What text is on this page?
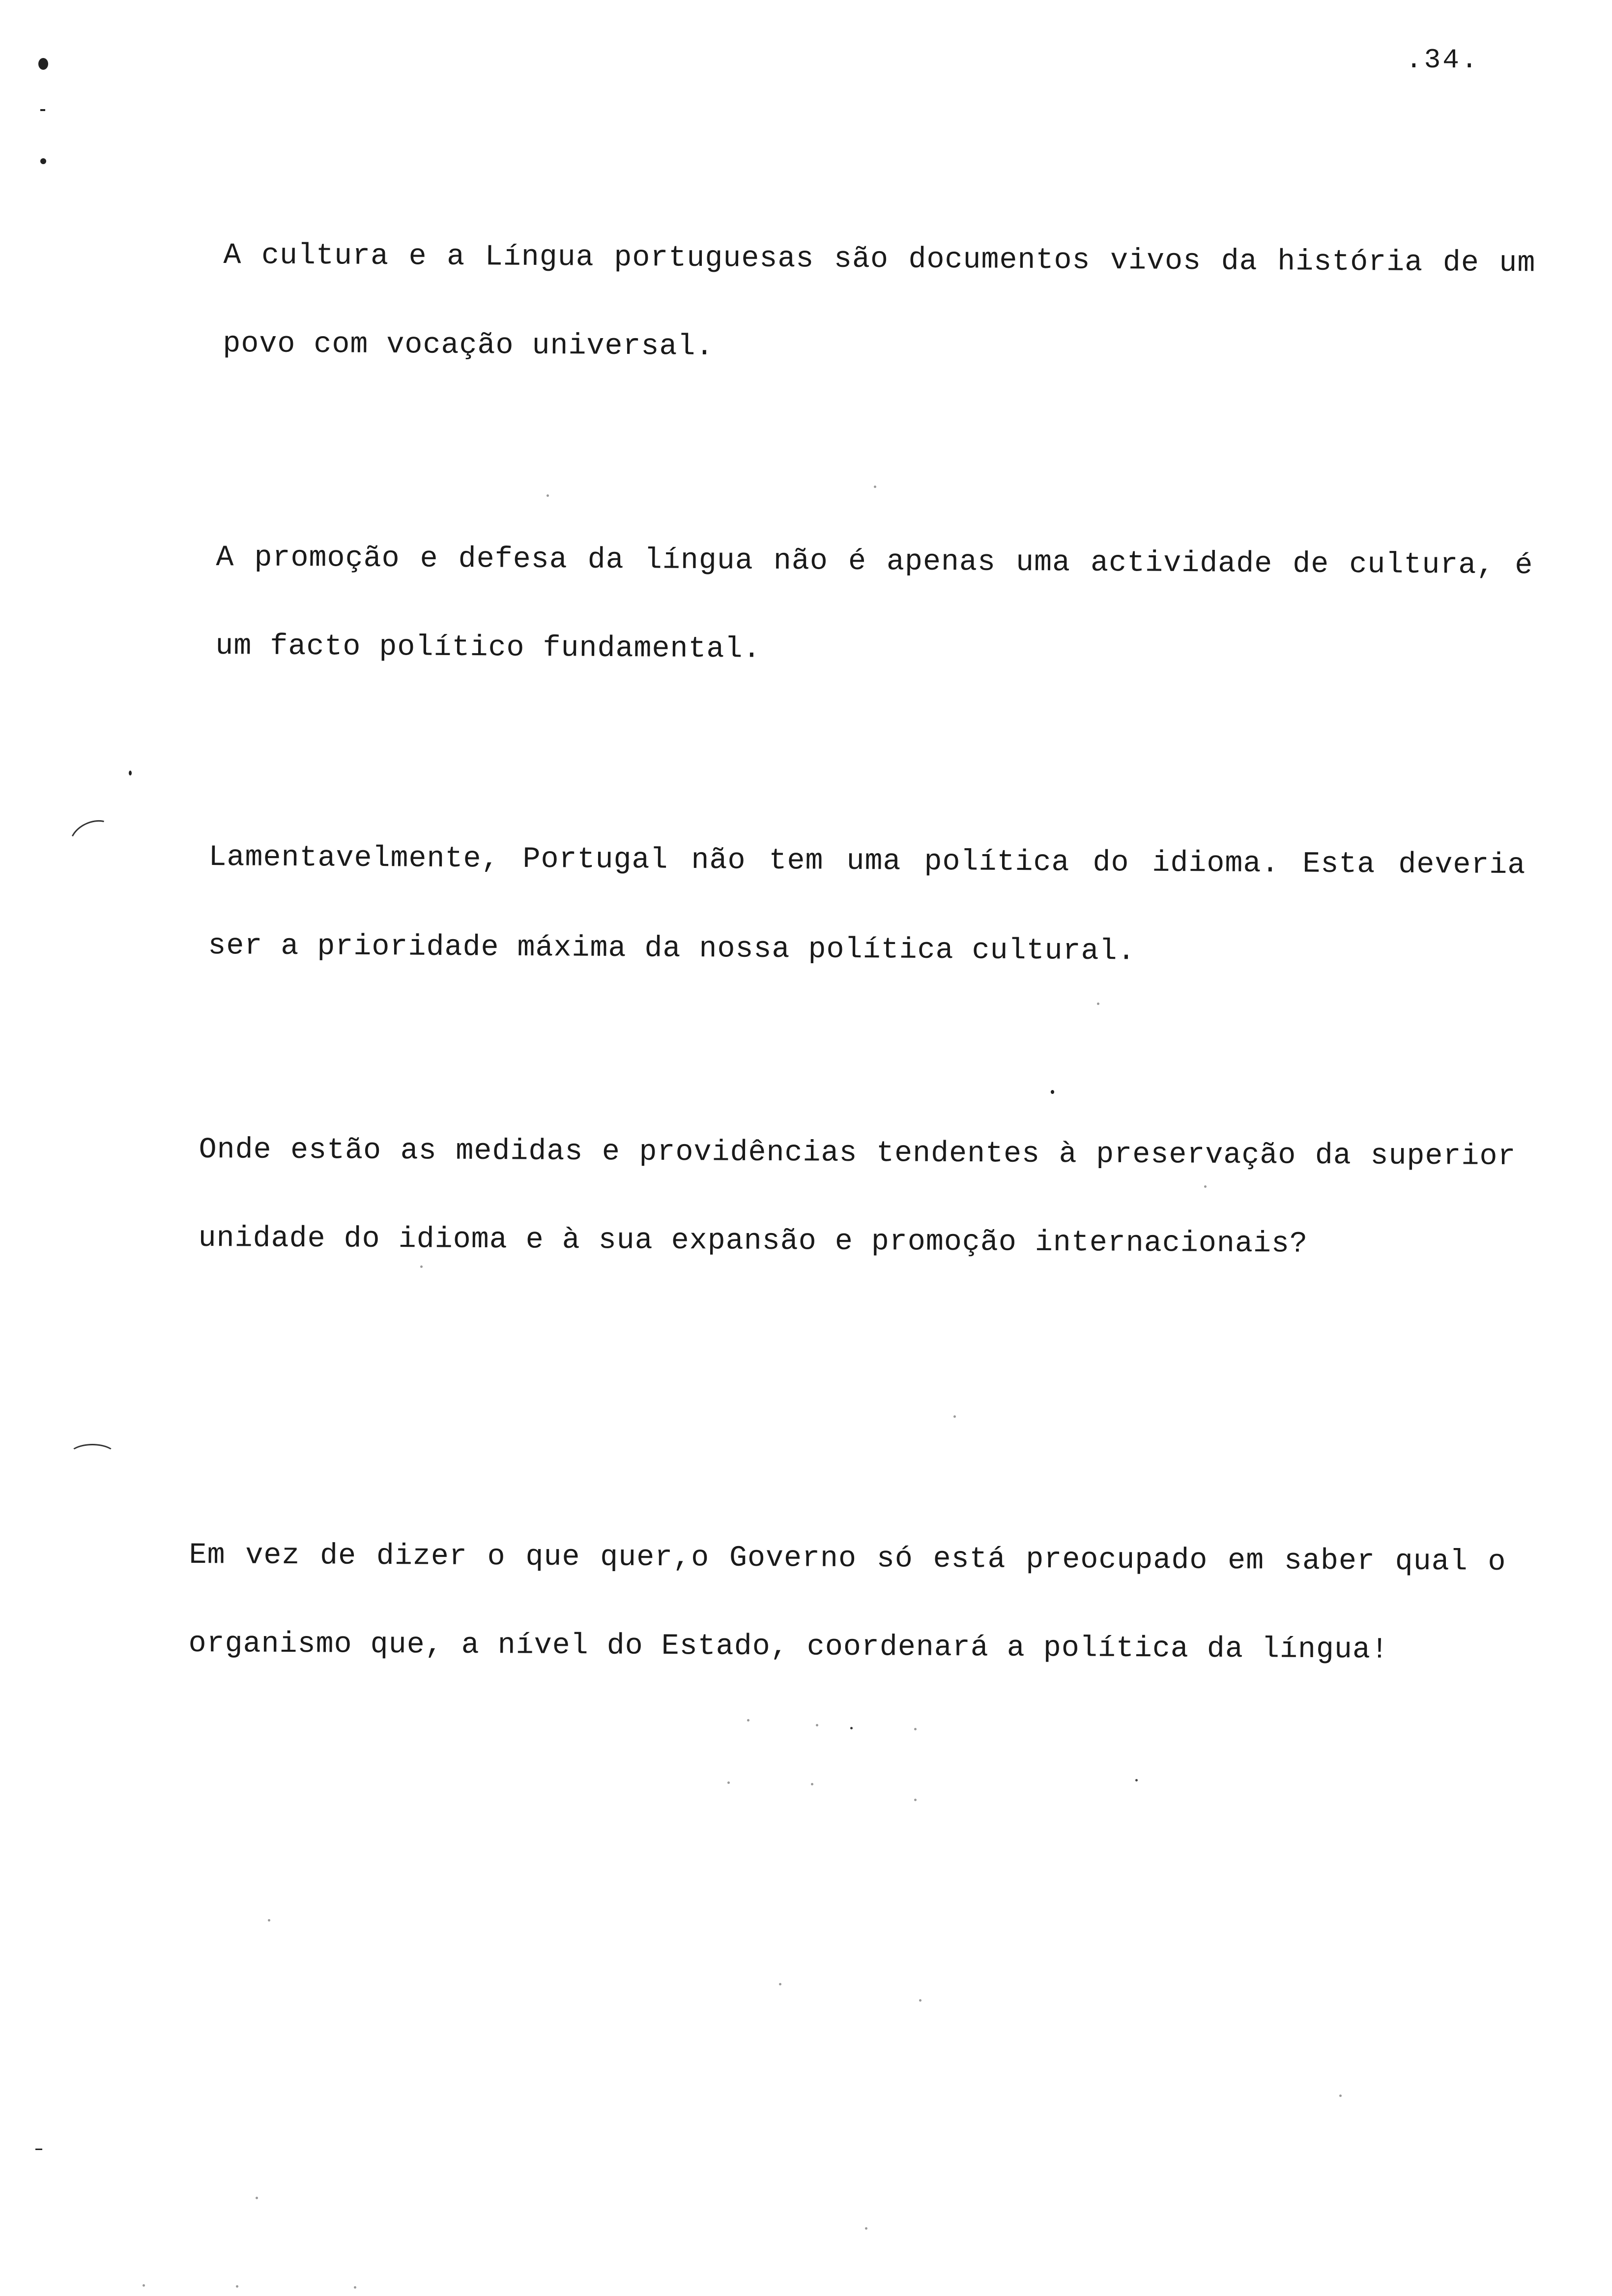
.34.

A cultura e a Língua portuguesas são documentos vivos da história de um povo com vocação universal.

A promoção e defesa da língua não é apenas uma actividade de cultura, é um facto político fundamental.

Lamentavelmente, Portugal não tem uma política do idioma. Esta deveria ser a prioridade máxima da nossa política cultural.

Onde estão as medidas e providências tendentes à preservação da superior unidade do idioma e à sua expansão e promoção internacionais?

Em vez de dizer o que quer,o Governo só está preocupado em saber qual o organismo que, a nível do Estado, coordenará a política da língua!
